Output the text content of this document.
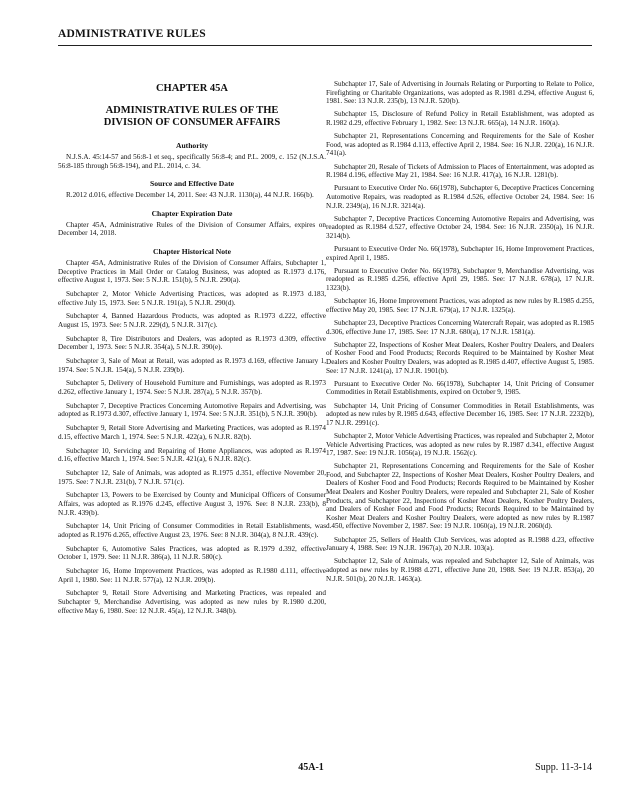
ADMINISTRATIVE RULES
CHAPTER 45A
ADMINISTRATIVE RULES OF THE
DIVISION OF CONSUMER AFFAIRS
Authority

N.J.S.A. 45:14-57 and 56:8-1 et seq., specifically 56:8-4; and P.L. 2009, c. 152 (N.J.S.A. 56:8-185 through 56:8-194), and P.L. 2014, c. 34.

Source and Effective Date

R.2012 d.016, effective December 14, 2011. See: 43 N.J.R. 1130(a), 44 N.J.R. 166(b).

Chapter Expiration Date

Chapter 45A, Administrative Rules of the Division of Consumer Affairs, expires on December 14, 2018.

Chapter Historical Note

Chapter 45A, Administrative Rules of the Division of Consumer Affairs, Subchapter 1, Deceptive Practices in Mail Order or Catalog Business, was adopted as R.1973 d.176, effective August 1, 1973. See: 5 N.J.R. 151(b), 5 N.J.R. 290(a).

Subchapter 2, Motor Vehicle Advertising Practices, was adopted as R.1973 d.183, effective July 15, 1973. See: 5 N.J.R. 191(a), 5 N.J.R. 290(d).

Subchapter 4, Banned Hazardous Products, was adopted as R.1973 d.222, effective August 15, 1973. See: 5 N.J.R. 229(d), 5 N.J.R. 317(c).

Subchapter 8, Tire Distributors and Dealers, was adopted as R.1973 d.309, effective December 1, 1973. See: 5 N.J.R. 354(a), 5 N.J.R. 390(e).

Subchapter 3, Sale of Meat at Retail, was adopted as R.1973 d.169, effective January 1, 1974. See: 5 N.J.R. 154(a), 5 N.J.R. 239(b).

Subchapter 5, Delivery of Household Furniture and Furnishings, was adopted as R.1973 d.262, effective January 1, 1974. See: 5 N.J.R. 287(a), 5 N.J.R. 357(b).

Subchapter 7, Deceptive Practices Concerning Automotive Repairs and Advertising, was adopted as R.1973 d.307, effective January 1, 1974. See: 5 N.J.R. 351(b), 5 N.J.R. 390(b).

Subchapter 9, Retail Store Advertising and Marketing Practices, was adopted as R.1974 d.15, effective March 1, 1974. See: 5 N.J.R. 422(a), 6 N.J.R. 82(b).

Subchapter 10, Servicing and Repairing of Home Appliances, was adopted as R.1974 d.16, effective March 1, 1974. See: 5 N.J.R. 421(a), 6 N.J.R. 82(c).

Subchapter 12, Sale of Animals, was adopted as R.1975 d.351, effective November 20, 1975. See: 7 N.J.R. 231(b), 7 N.J.R. 571(c).

Subchapter 13, Powers to be Exercised by County and Municipal Officers of Consumer Affairs, was adopted as R.1976 d.245, effective August 3, 1976. See: 8 N.J.R. 233(b), 8 N.J.R. 439(b).

Subchapter 14, Unit Pricing of Consumer Commodities in Retail Establishments, was adopted as R.1976 d.265, effective August 23, 1976. See: 8 N.J.R. 304(a), 8 N.J.R. 439(c).

Subchapter 6, Automotive Sales Practices, was adopted as R.1979 d.392, effective October 1, 1979. See: 11 N.J.R. 386(a), 11 N.J.R. 580(c).

Subchapter 16, Home Improvement Practices, was adopted as R.1980 d.111, effective April 1, 1980. See: 11 N.J.R. 577(a), 12 N.J.R. 209(b).

Subchapter 9, Retail Store Advertising and Marketing Practices, was repealed and Subchapter 9, Merchandise Advertising, was adopted as new rules by R.1980 d.200, effective May 6, 1980. See: 12 N.J.R. 45(a), 12 N.J.R. 348(b).

Subchapter 17, Sale of Advertising in Journals Relating or Purporting to Relate to Police, Firefighting or Charitable Organizations, was adopted as R.1981 d.294, effective August 6, 1981. See: 13 N.J.R. 235(b), 13 N.J.R. 520(b).

Subchapter 15, Disclosure of Refund Policy in Retail Establishment, was adopted as R.1982 d.29, effective February 1, 1982. See: 13 N.J.R. 665(a), 14 N.J.R. 160(a).

Subchapter 21, Representations Concerning and Requirements for the Sale of Kosher Food, was adopted as R.1984 d.113, effective April 2, 1984. See: 16 N.J.R. 220(a), 16 N.J.R. 741(a).

Subchapter 20, Resale of Tickets of Admission to Places of Entertainment, was adopted as R.1984 d.196, effective May 21, 1984. See: 16 N.J.R. 417(a), 16 N.J.R. 1281(b).

Pursuant to Executive Order No. 66(1978), Subchapter 6, Deceptive Practices Concerning Automotive Repairs, was readopted as R.1984 d.526, effective October 24, 1984. See: 16 N.J.R. 2349(a), 16 N.J.R. 3214(a).

Subchapter 7, Deceptive Practices Concerning Automotive Repairs and Advertising, was readopted as R.1984 d.527, effective October 24, 1984. See: 16 N.J.R. 2350(a), 16 N.J.R. 3214(b).

Pursuant to Executive Order No. 66(1978), Subchapter 16, Home Improvement Practices, expired April 1, 1985.

Pursuant to Executive Order No. 66(1978), Subchapter 9, Merchandise Advertising, was readopted as R.1985 d.256, effective April 29, 1985. See: 17 N.J.R. 678(a), 17 N.J.R. 1323(b).

Subchapter 16, Home Improvement Practices, was adopted as new rules by R.1985 d.255, effective May 20, 1985. See: 17 N.J.R. 679(a), 17 N.J.R. 1325(a).

Subchapter 23, Deceptive Practices Concerning Watercraft Repair, was adopted as R.1985 d.306, effective June 17, 1985. See: 17 N.J.R. 680(a), 17 N.J.R. 1581(a).

Subchapter 22, Inspections of Kosher Meat Dealers, Kosher Poultry Dealers, and Dealers of Kosher Food and Food Products; Records Required to be Maintained by Kosher Meat Dealers and Kosher Poultry Dealers, was adopted as R.1985 d.407, effective August 5, 1985. See: 17 N.J.R. 1241(a), 17 N.J.R. 1901(b).

Pursuant to Executive Order No. 66(1978), Subchapter 14, Unit Pricing of Consumer Commodities in Retail Establishments, expired on October 9, 1985.

Subchapter 14, Unit Pricing of Consumer Commodities in Retail Establishments, was adopted as new rules by R.1985 d.643, effective December 16, 1985. See: 17 N.J.R. 2232(b), 17 N.J.R. 2991(c).

Subchapter 2, Motor Vehicle Advertising Practices, was repealed and Subchapter 2, Motor Vehicle Advertising Practices, was adopted as new rules by R.1987 d.341, effective August 17, 1987. See: 19 N.J.R. 1056(a), 19 N.J.R. 1562(c).

Subchapter 21, Representations Concerning and Requirements for the Sale of Kosher Food, and Subchapter 22, Inspections of Kosher Meat Dealers, Kosher Poultry Dealers, and Dealers of Kosher Food and Food Products; Records Required to be Maintained by Kosher Meat Dealers and Kosher Poultry Dealers, were repealed and Subchapter 21, Sale of Kosher Products, and Subchapter 22, Inspections of Kosher Meat Dealers, Kosher Poultry Dealers, and Dealers of Kosher Food and Food Products; Records Required to be Maintained by Kosher Meat Dealers and Kosher Poultry Dealers, were adopted as new rules by R.1987 d.450, effective November 2, 1987. See: 19 N.J.R. 1060(a), 19 N.J.R. 2060(d).

Subchapter 25, Sellers of Health Club Services, was adopted as R.1988 d.23, effective January 4, 1988. See: 19 N.J.R. 1967(a), 20 N.J.R. 103(a).

Subchapter 12, Sale of Animals, was repealed and Subchapter 12, Sale of Animals, was adopted as new rules by R.1988 d.271, effective June 20, 1988. See: 19 N.J.R. 853(a), 20 N.J.R. 501(b), 20 N.J.R. 1463(a).

45A-1	Supp. 11-3-14
